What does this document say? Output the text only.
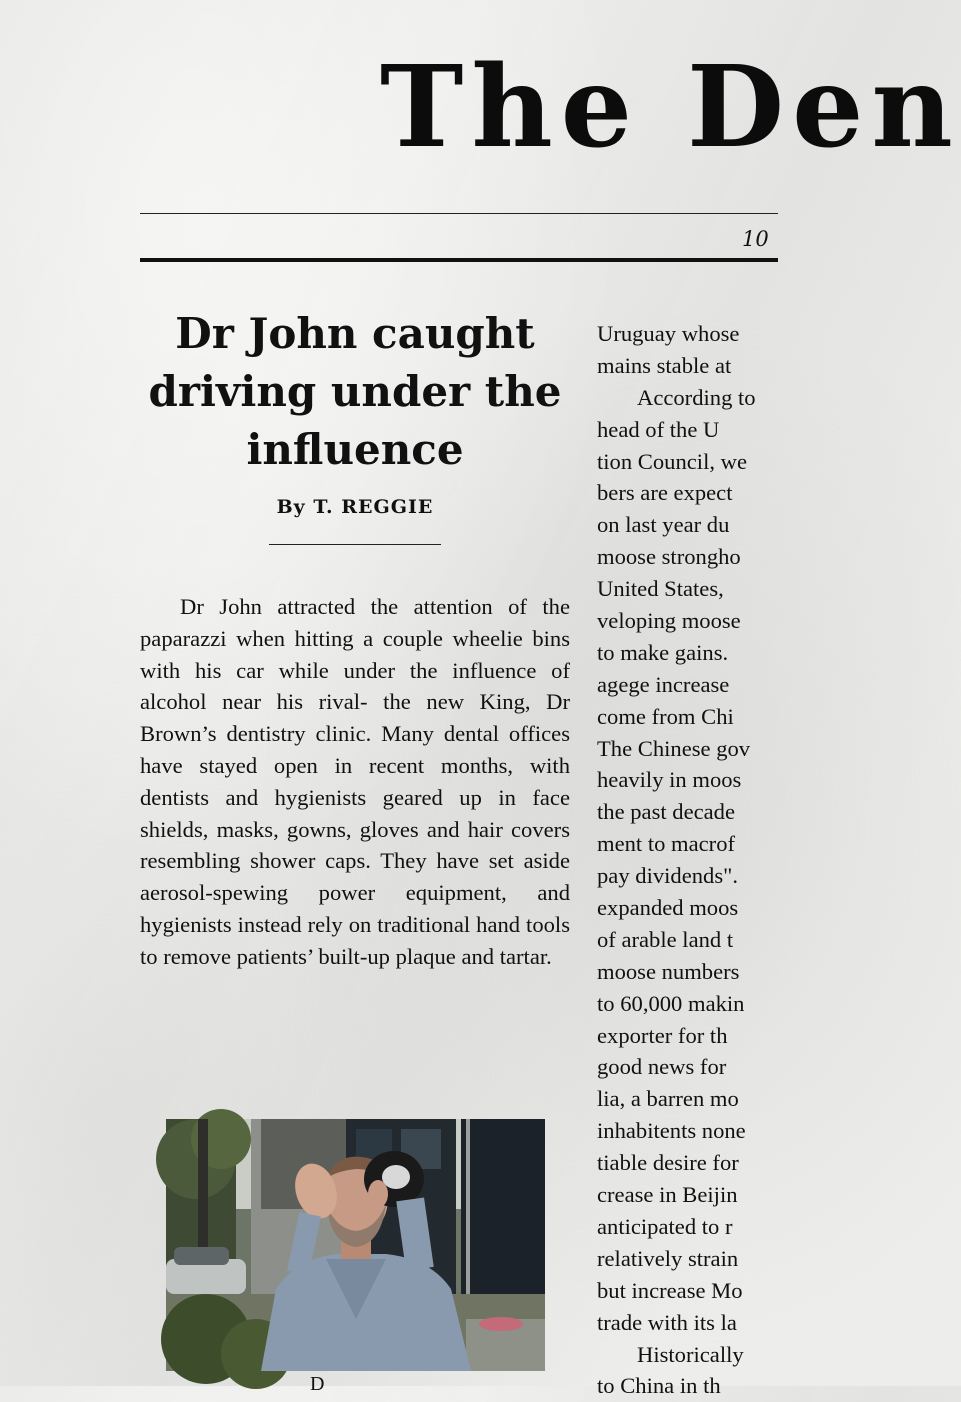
The Den
10
Dr John caught driving under the influence
By T. REGGIE

Dr John attracted the attention of the paparazzi when hitting a couple wheelie bins with his car while under the influence of alcohol near his rival- the new King, Dr Brown’s dentistry clinic. Many dental offices have stayed open in recent months, with dentists and hygienists geared up in face shields, masks, gowns, gloves and hair covers resembling shower caps. They have set aside aerosol-spewing power equipment, and hygienists instead rely on traditional hand tools to remove patients’ built-up plaque and tartar.

D
Uruguay whose
mains stable at
According to
head of the U
tion Council, we
bers are expect
on last year du
moose strongho
United States,
veloping moose
to make gains.
agege increase
come from Chi
The Chinese gov
heavily in moos
the past decade
ment to macrof
pay dividends".
expanded moos
of arable land t
moose numbers
to 60,000 makin
exporter for th
good news for
lia, a barren mo
inhabitents none
tiable desire for
crease in Beijin
anticipated to r
relatively strain
but increase Mo
trade with its la
Historically
to China in th
